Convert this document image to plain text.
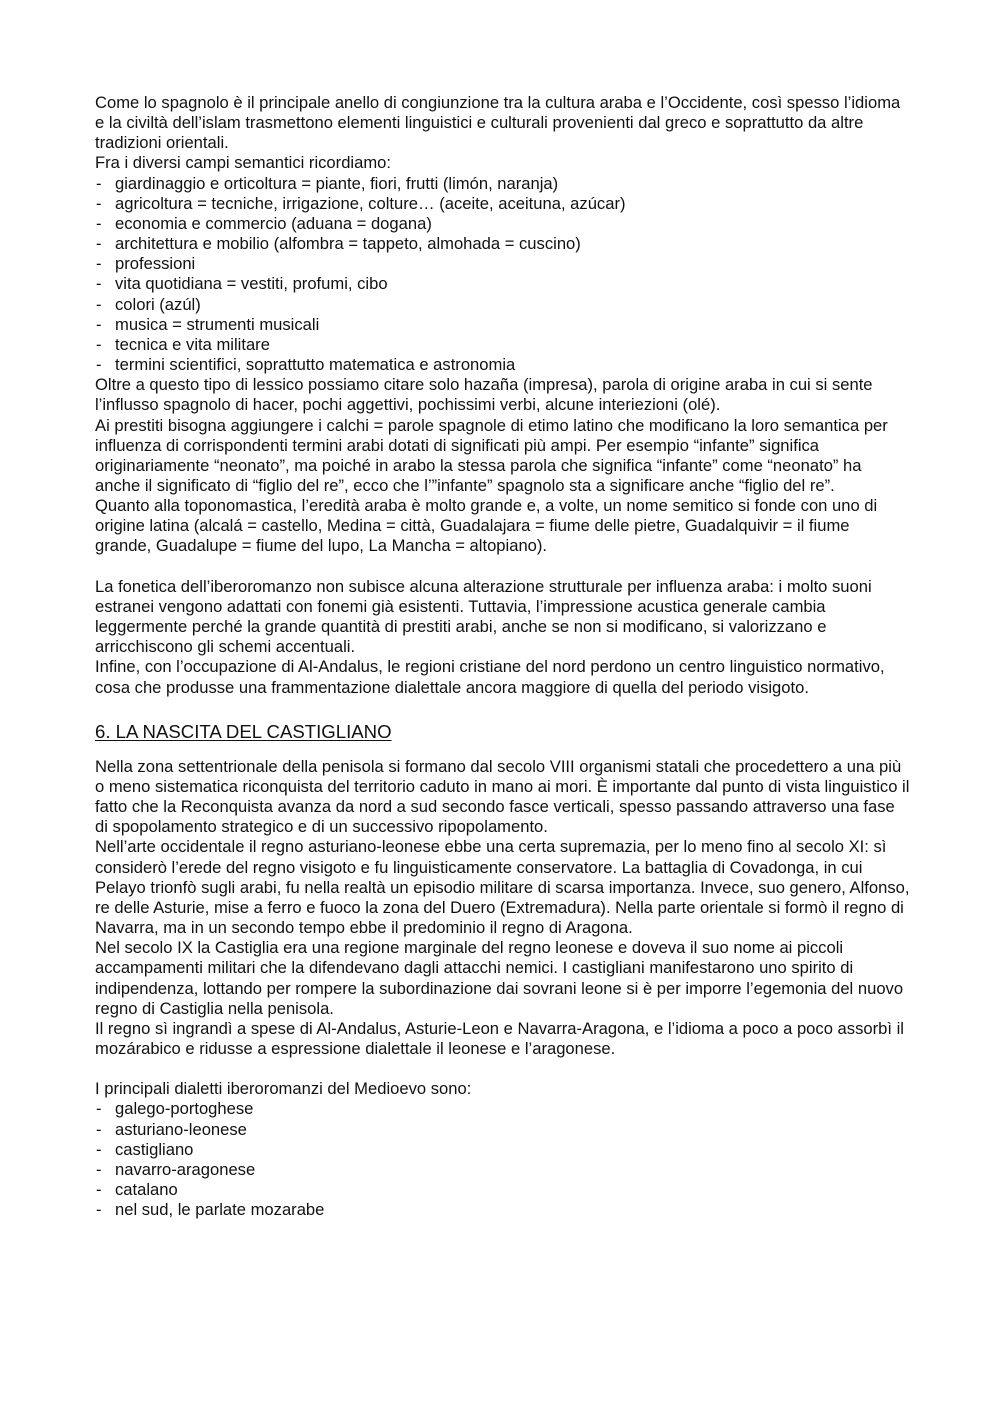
Come lo spagnolo è il principale anello di congiunzione tra la cultura araba e l’Occidente, così spesso l’idioma e la civiltà dell’islam trasmettono elementi linguistici e culturali provenienti dal greco e soprattutto da altre tradizioni orientali.

Fra i diversi campi semantici ricordiamo:

- giardinaggio e orticoltura = piante, fiori, frutti (limón, naranja)
- agricoltura = tecniche, irrigazione, colture… (aceite, aceituna, azúcar)
- economia e commercio (aduana = dogana)
- architettura e mobilio (alfombra = tappeto, almohada = cuscino)
- professioni
- vita quotidiana = vestiti, profumi, cibo
- colori (azúl)
- musica = strumenti musicali
- tecnica e vita militare
- termini scientifici, soprattutto matematica e astronomia

Oltre a questo tipo di lessico possiamo citare solo hazaña (impresa), parola di origine araba in cui si sente l’influsso spagnolo di hacer, pochi aggettivi, pochissimi verbi, alcune interiezioni (olé).

Ai prestiti bisogna aggiungere i calchi = parole spagnole di etimo latino che modificano la loro semantica per influenza di corrispondenti termini arabi dotati di significati più ampi. Per esempio “infante” significa originariamente “neonato”, ma poiché in arabo la stessa parola che significa “infante” come “neonato” ha anche il significato di “figlio del re”, ecco che l’”infante” spagnolo sta a significare anche “figlio del re”.

Quanto alla toponomastica, l’eredità araba è molto grande e, a volte, un nome semitico si fonde con uno di origine latina (alcalá = castello, Medina = città, Guadalajara = fiume delle pietre, Guadalquivir = il fiume grande, Guadalupe = fiume del lupo, La Mancha = altopiano).

La fonetica dell’iberoromanzo non subisce alcuna alterazione strutturale per influenza araba: i molto suoni estranei vengono adattati con fonemi già esistenti. Tuttavia, l’impressione acustica generale cambia leggermente perché la grande quantità di prestiti arabi, anche se non si modificano, si valorizzano e arricchiscono gli schemi accentuali.

Infine, con l’occupazione di Al-Andalus, le regioni cristiane del nord perdono un centro linguistico normativo, cosa che produsse una frammentazione dialettale ancora maggiore di quella del periodo visigoto.

6. LA NASCITA DEL CASTIGLIANO

Nella zona settentrionale della penisola si formano dal secolo VIII organismi statali che procedettero a una più o meno sistematica riconquista del territorio caduto in mano ai mori. È importante dal punto di vista linguistico il fatto che la Reconquista avanza da nord a sud secondo fasce verticali, spesso passando attraverso una fase di spopolamento strategico e di un successivo ripopolamento.

Nell’arte occidentale il regno asturiano-leonese ebbe una certa supremazia, per lo meno fino al secolo XI: sì considerò l’erede del regno visigoto e fu linguisticamente conservatore. La battaglia di Covadonga, in cui Pelayo trionfò sugli arabi, fu nella realtà un episodio militare di scarsa importanza. Invece, suo genero, Alfonso, re delle Asturie, mise a ferro e fuoco la zona del Duero (Extremadura). Nella parte orientale si formò il regno di Navarra, ma in un secondo tempo ebbe il predominio il regno di Aragona.

Nel secolo IX la Castiglia era una regione marginale del regno leonese e doveva il suo nome ai piccoli accampamenti militari che la difendevano dagli attacchi nemici. I castigliani manifestarono uno spirito di indipendenza, lottando per rompere la subordinazione dai sovrani leone si è per imporre l’egemonia del nuovo regno di Castiglia nella penisola.

Il regno sì ingrandì a spese di Al-Andalus, Asturie-Leon e Navarra-Aragona, e l’idioma a poco a poco assorbì il mozárabico e ridusse a espressione dialettale il leonese e l’aragonese.

I principali dialetti iberoromanzi del Medioevo sono:

- galego-portoghese
- asturiano-leonese
- castigliano
- navarro-aragonese
- catalano
- nel sud, le parlate mozarabe
